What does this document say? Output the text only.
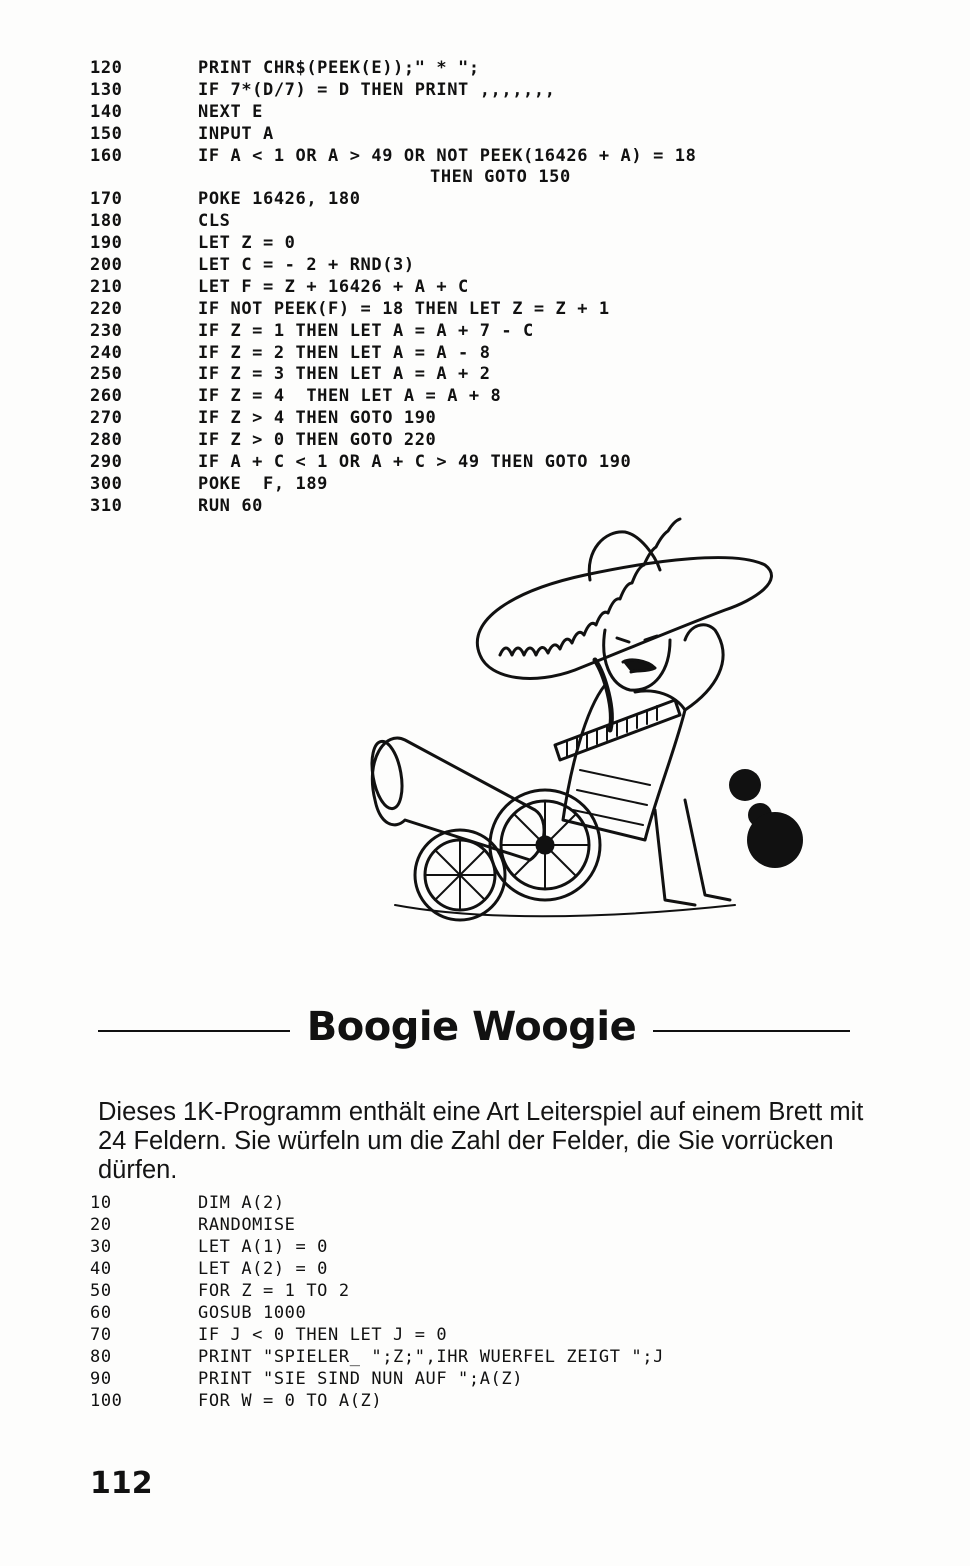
120	PRINT CHR$(PEEK(E));" * ";
130	IF 7*(D/7) = D THEN PRINT ,,,,,,,
140	NEXT E
150	INPUT A
160	IF A < 1 OR A > 49 OR NOT PEEK(16426 + A) = 18
THEN GOTO 150
170	POKE 16426, 180
180	CLS
190	LET Z = 0
200	LET C = - 2 + RND(3)
210	LET F = Z + 16426 + A + C
220	IF NOT PEEK(F) = 18 THEN LET Z = Z + 1
230	IF Z = 1 THEN LET A = A + 7 - C
240	IF Z = 2 THEN LET A = A - 8
250	IF Z = 3 THEN LET A = A + 2
260	IF Z = 4  THEN LET A = A + 8
270	IF Z > 4 THEN GOTO 190
280	IF Z > 0 THEN GOTO 220
290	IF A + C < 1 OR A + C > 49 THEN GOTO 190
300	POKE  F, 189
310	RUN 60
Boogie Woogie

Dieses 1K-Programm enthält eine Art Leiterspiel auf einem Brett mit 24 Feldern. Sie würfeln um die Zahl der Felder, die Sie vorrücken dürfen.

10	DIM A(2)
20	RANDOMISE
30	LET A(1) = 0
40	LET A(2) = 0
50	FOR Z = 1 TO 2
60	GOSUB 1000
70	IF J < 0 THEN LET J = 0
80	PRINT "SPIELER_ ";Z;",IHR WUERFEL ZEIGT ";J
90	PRINT "SIE SIND NUN AUF ";A(Z)
100	FOR W = 0 TO A(Z)
112
